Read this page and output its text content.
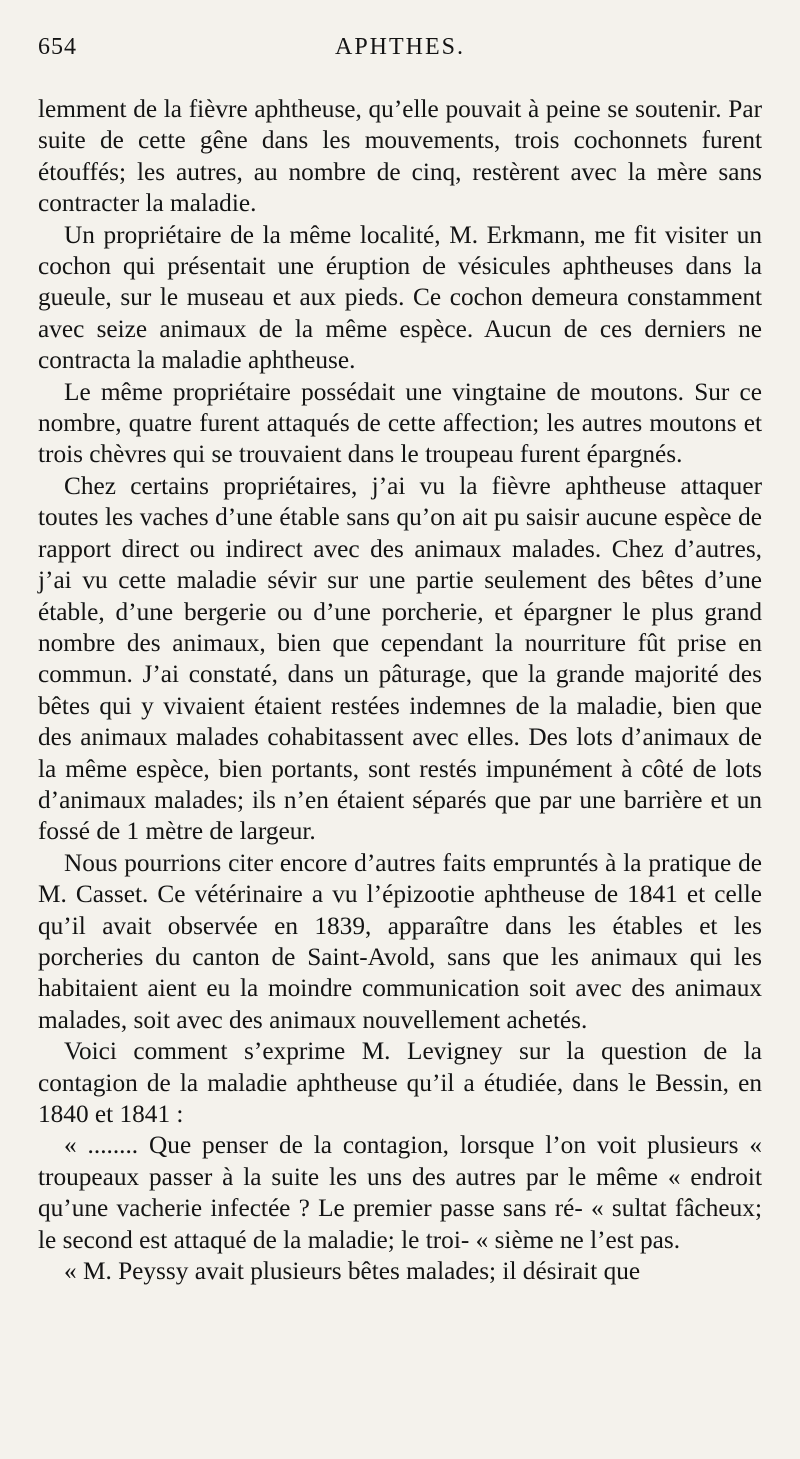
654	APHTHES.

lemment de la fièvre aphtheuse, qu’elle pouvait à peine se soutenir. Par suite de cette gêne dans les mouvements, trois cochonnets furent étouffés; les autres, au nombre de cinq, restèrent avec la mère sans contracter la maladie.

Un propriétaire de la même localité, M. Erkmann, me fit visiter un cochon qui présentait une éruption de vésicules aphtheuses dans la gueule, sur le museau et aux pieds. Ce cochon demeura constamment avec seize animaux de la même espèce. Aucun de ces derniers ne contracta la maladie aphtheuse.

Le même propriétaire possédait une vingtaine de moutons. Sur ce nombre, quatre furent attaqués de cette affection; les autres moutons et trois chèvres qui se trouvaient dans le troupeau furent épargnés.

Chez certains propriétaires, j’ai vu la fièvre aphtheuse attaquer toutes les vaches d’une étable sans qu’on ait pu saisir aucune espèce de rapport direct ou indirect avec des animaux malades. Chez d’autres, j’ai vu cette maladie sévir sur une partie seulement des bêtes d’une étable, d’une bergerie ou d’une porcherie, et épargner le plus grand nombre des animaux, bien que cependant la nourriture fût prise en commun. J’ai constaté, dans un pâturage, que la grande majorité des bêtes qui y vivaient étaient restées indemnes de la maladie, bien que des animaux malades cohabitassent avec elles. Des lots d’animaux de la même espèce, bien portants, sont restés impunément à côté de lots d’animaux malades; ils n’en étaient séparés que par une barrière et un fossé de 1 mètre de largeur.

Nous pourrions citer encore d’autres faits empruntés à la pratique de M. Casset. Ce vétérinaire a vu l’épizootie aphtheuse de 1841 et celle qu’il avait observée en 1839, apparaître dans les étables et les porcheries du canton de Saint-Avold, sans que les animaux qui les habitaient aient eu la moindre communication soit avec des animaux malades, soit avec des animaux nouvellement achetés.

Voici comment s’exprime M. Levigney sur la question de la contagion de la maladie aphtheuse qu’il a étudiée, dans le Bessin, en 1840 et 1841 :

« ........ Que penser de la contagion, lorsque l’on voit plusieurs « troupeaux passer à la suite les uns des autres par le même « endroit qu’une vacherie infectée ? Le premier passe sans ré- « sultat fâcheux; le second est attaqué de la maladie; le troi- « sième ne l’est pas.

« M. Peyssy avait plusieurs bêtes malades; il désirait que
